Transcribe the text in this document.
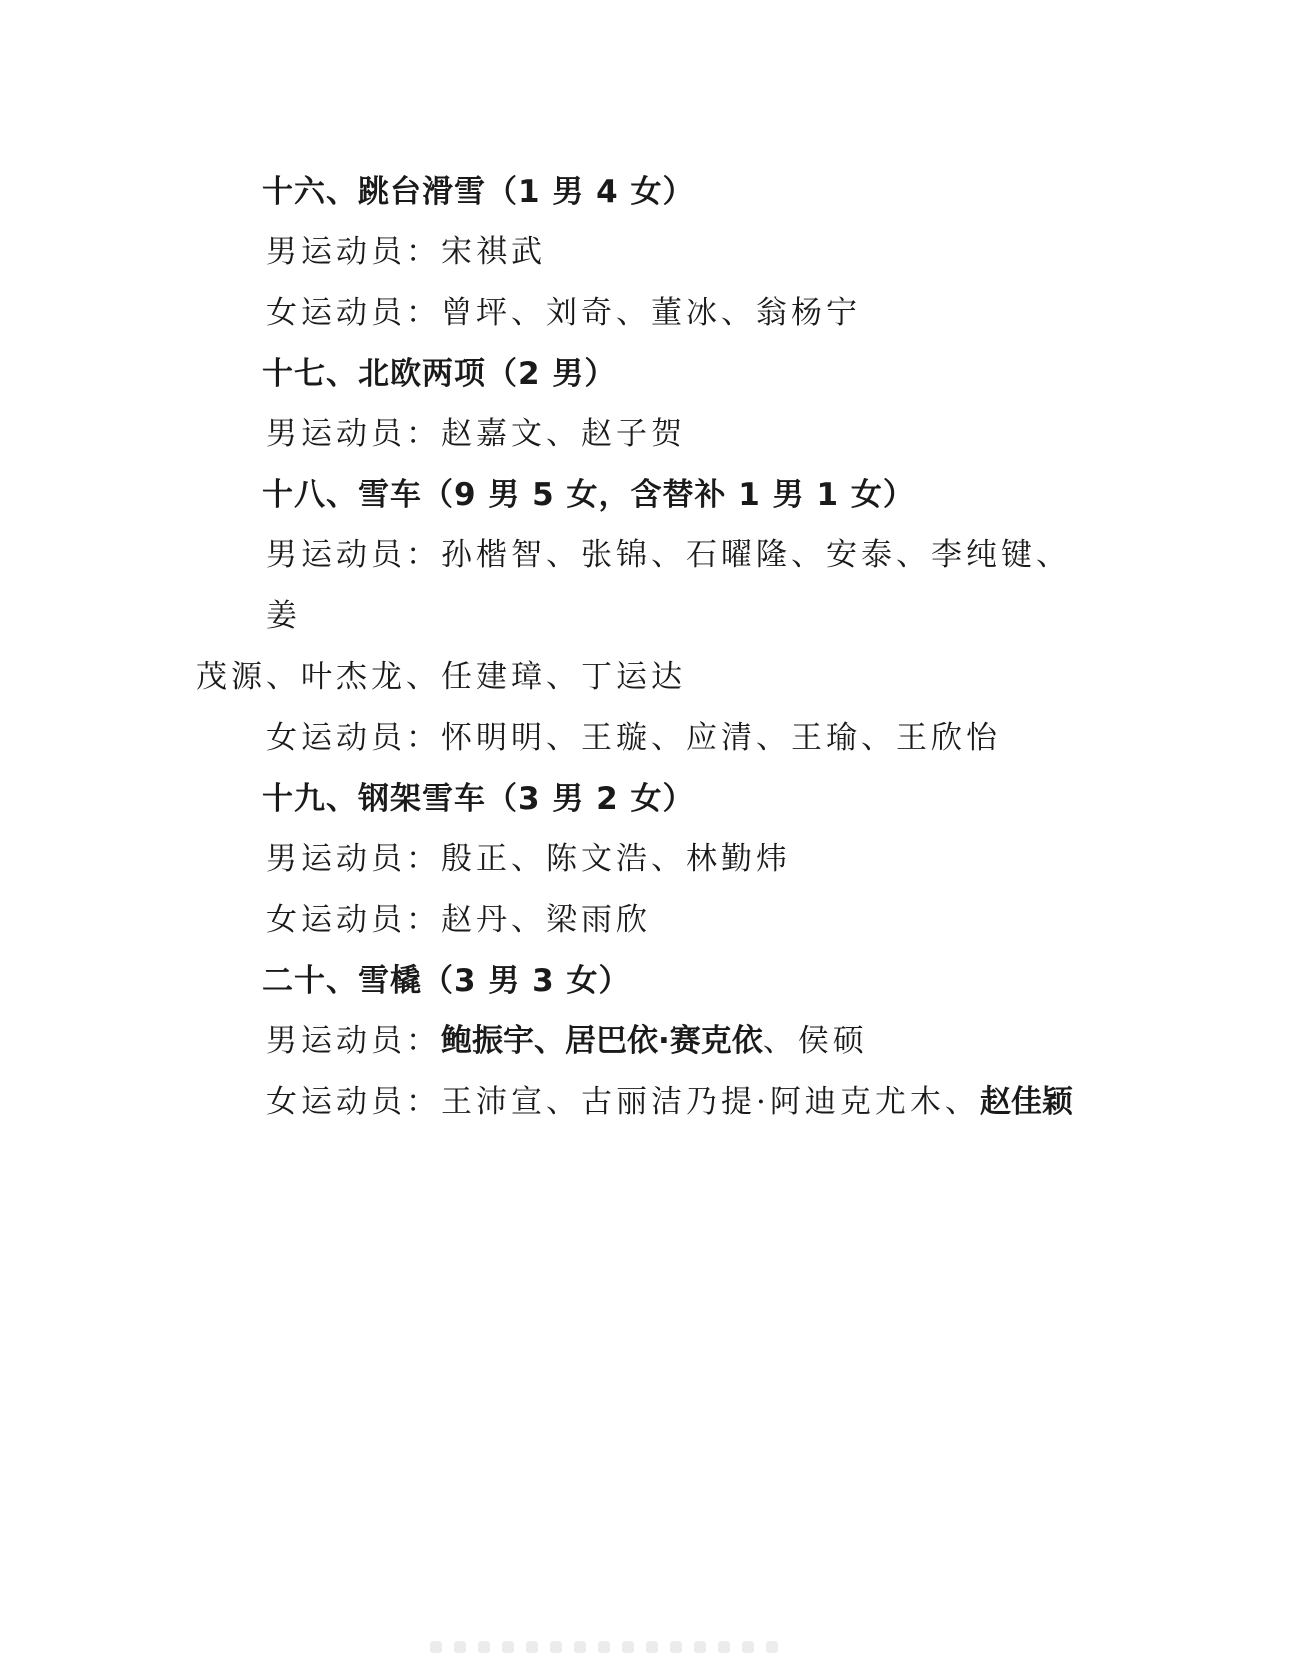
十六、跳台滑雪（1 男 4 女）
男运动员：宋祺武
女运动员：曾坪、刘奇、董冰、翁杨宁
十七、北欧两项（2 男）
男运动员：赵嘉文、赵子贺
十八、雪车（9 男 5 女，含替补 1 男 1 女）
男运动员：孙楷智、张锦、石曜隆、安泰、李纯键、姜
茂源、叶杰龙、任建璋、丁运达
女运动员：怀明明、王璇、应清、王瑜、王欣怡
十九、钢架雪车（3 男 2 女）
男运动员：殷正、陈文浩、林勤炜
女运动员：赵丹、梁雨欣
二十、雪橇（3 男 3 女）
男运动员：鲍振宇、居巴依·赛克依、侯硕
女运动员：王沛宣、古丽洁乃提·阿迪克尤木、赵佳颖
